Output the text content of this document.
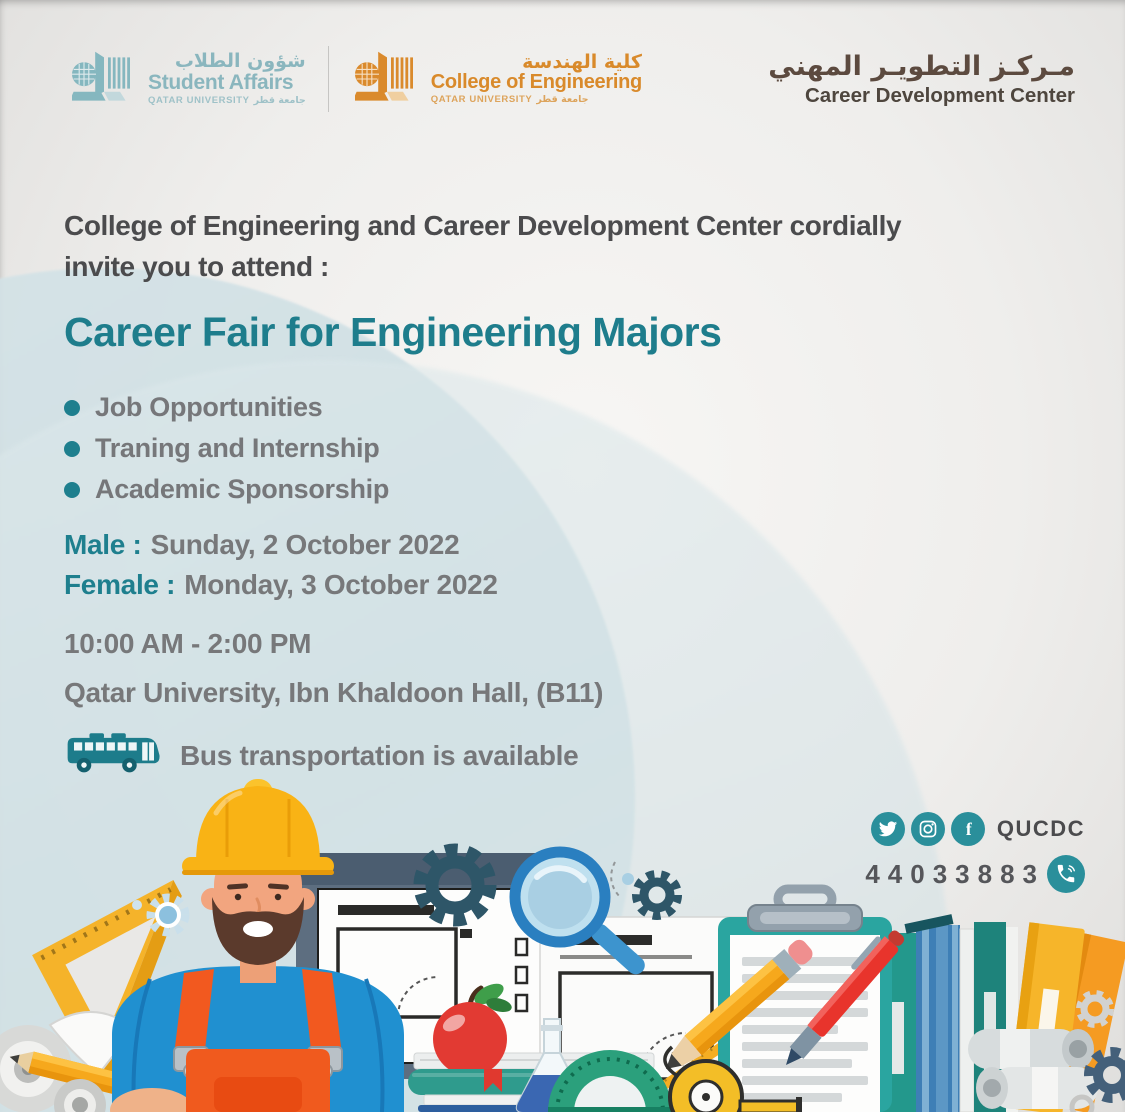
شؤون الطلاب
Student Affairs
QATAR UNIVERSITY جامعة قطر
كلية الهندسة
College of Engineering
QATAR UNIVERSITY جامعة قطر
مـركـز التطويـر المهني
Career Development Center

College of Engineering and Career Development Center cordially
invite you to attend :

Career Fair for Engineering Majors
Job Opportunities
Traning and Internship
Academic Sponsorship
Male : Sunday, 2 October 2022
Female : Monday, 3 October 2022
10:00 AM - 2:00 PM
Qatar University, Ibn Khaldoon Hall, (B11)
Bus transportation is available
f QUCDC
44033883
